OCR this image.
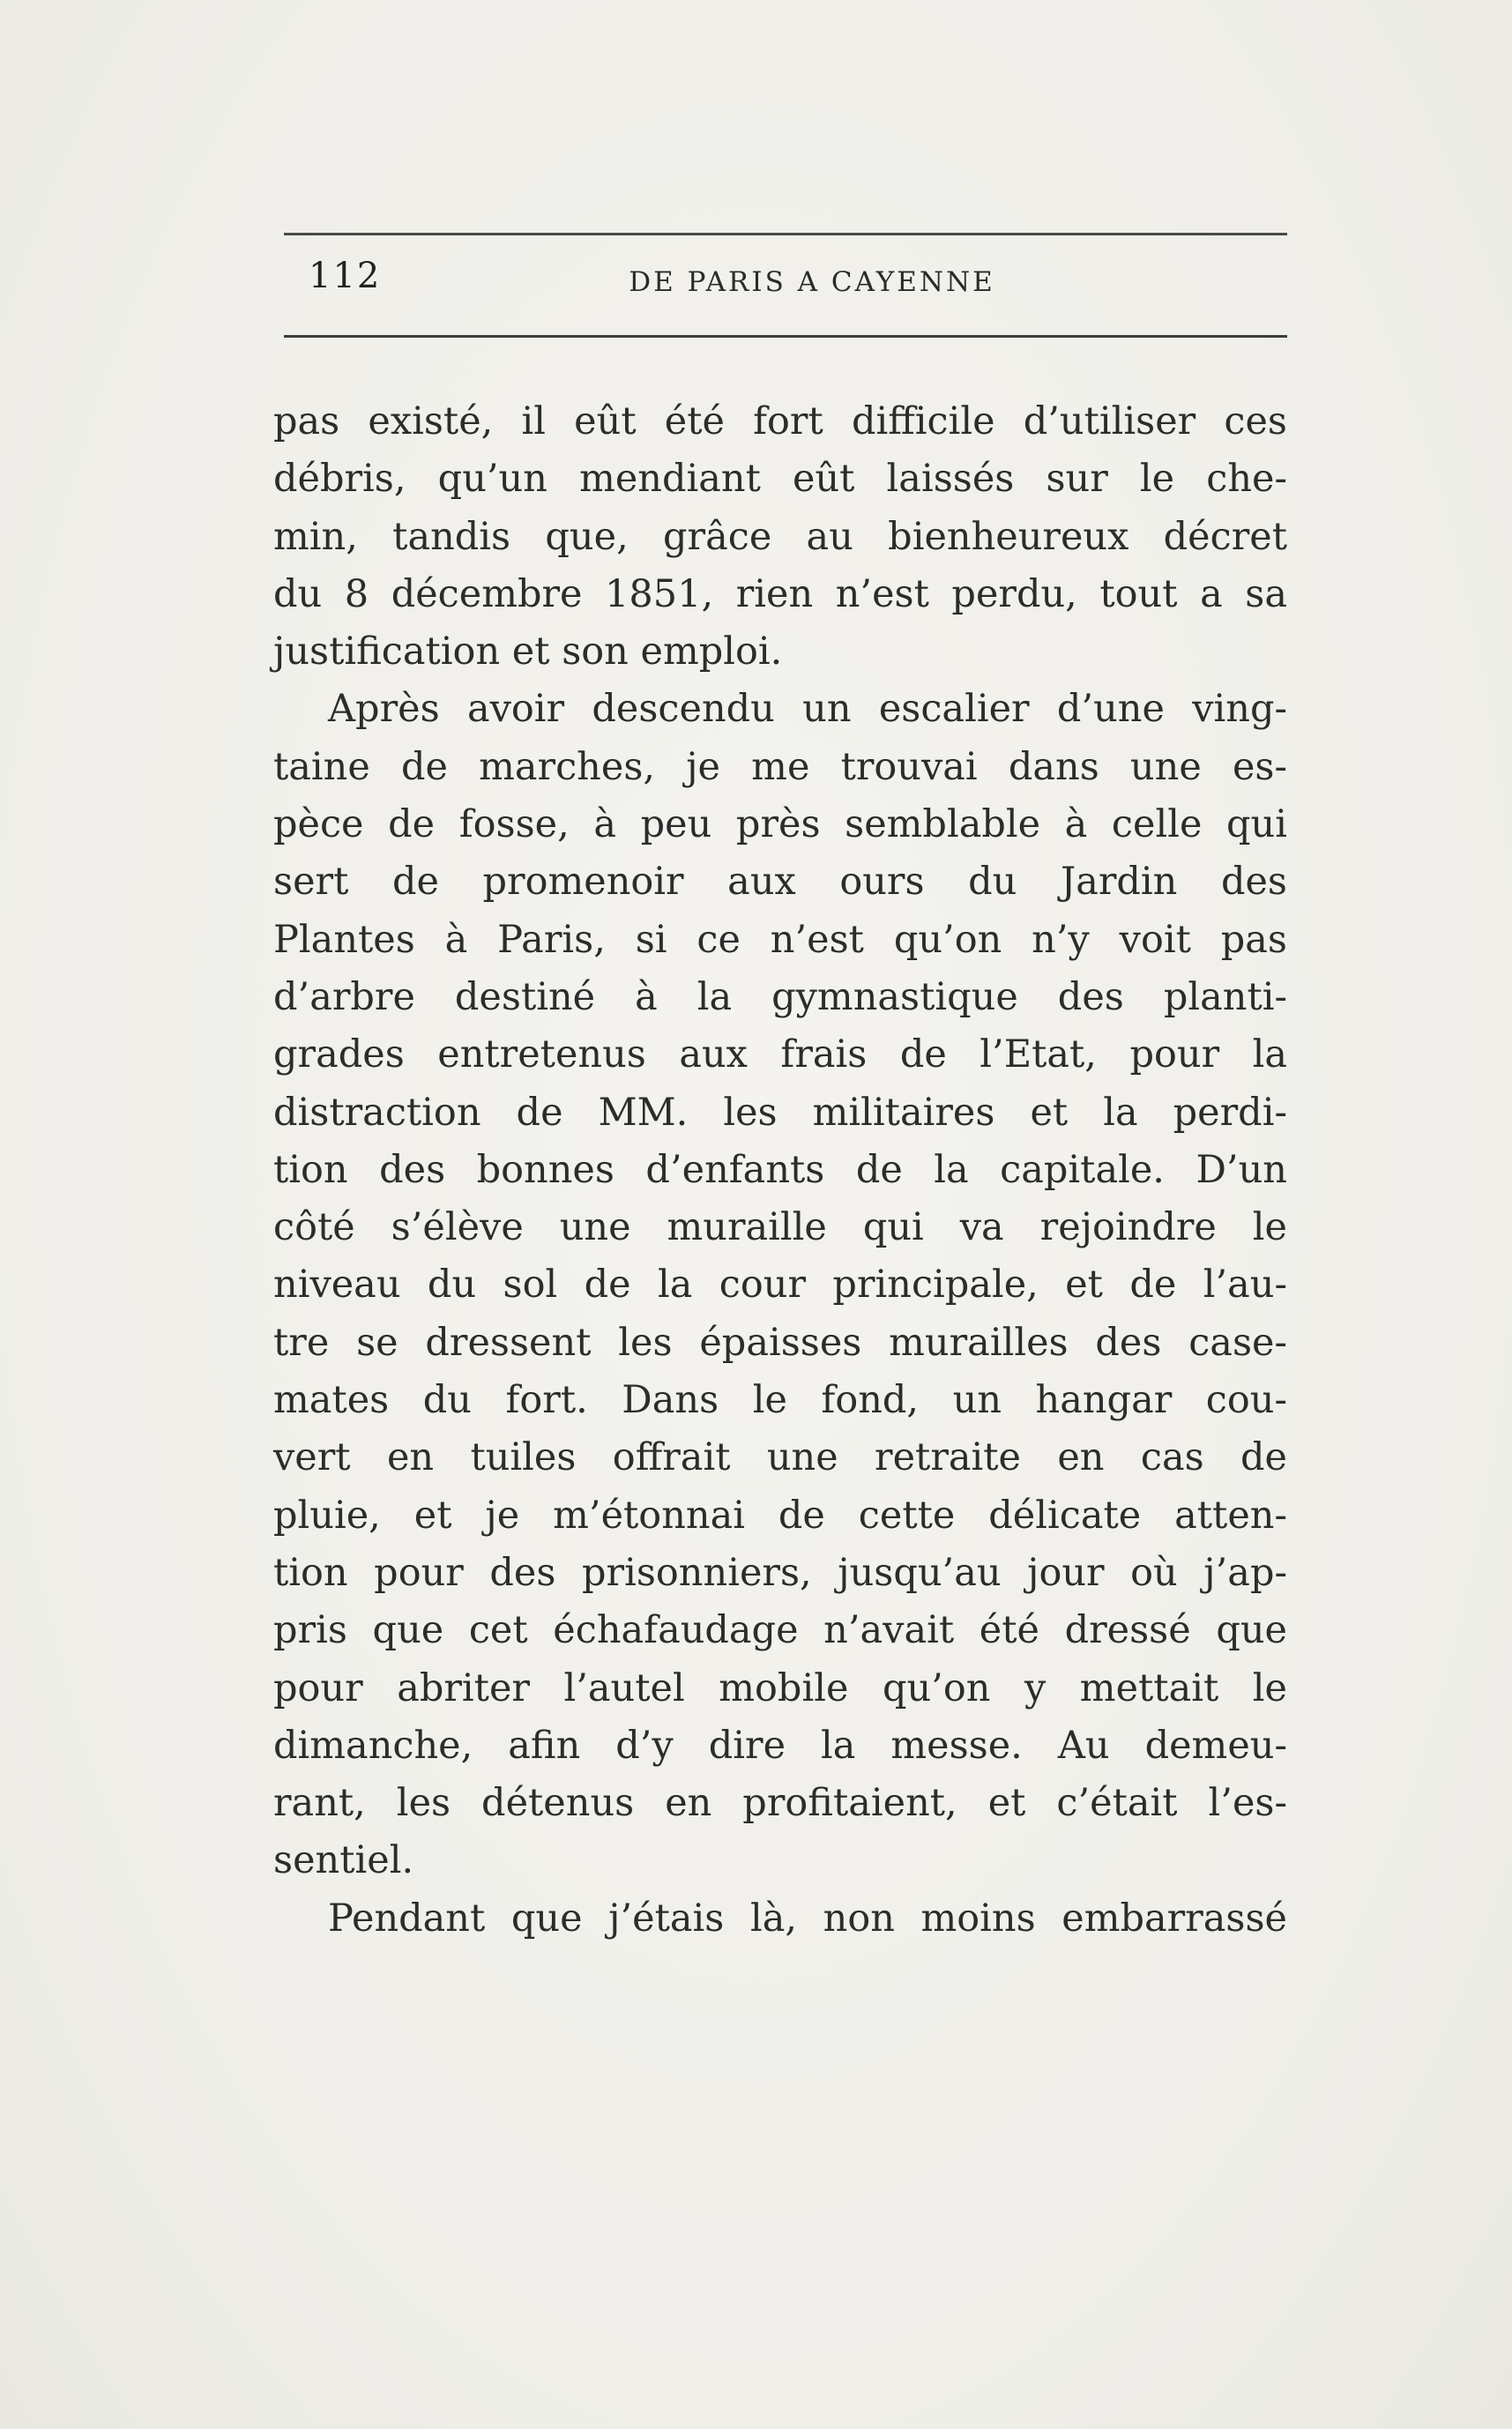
112	DE PARIS A CAYENNE
pas existé, il eût été fort difficile d’utiliser ces
débris, qu’un mendiant eût laissés sur le che-
min, tandis que, grâce au bienheureux décret
du 8 décembre 1851, rien n’est perdu, tout a sa
justification et son emploi.
Après avoir descendu un escalier d’une ving-
taine de marches, je me trouvai dans une es-
pèce de fosse, à peu près semblable à celle qui
sert de promenoir aux ours du Jardin des
Plantes à Paris, si ce n’est qu’on n’y voit pas
d’arbre destiné à la gymnastique des planti-
grades entretenus aux frais de l’Etat, pour la
distraction de MM. les militaires et la perdi-
tion des bonnes d’enfants de la capitale. D’un
côté s’élève une muraille qui va rejoindre le
niveau du sol de la cour principale, et de l’au-
tre se dressent les épaisses murailles des case-
mates du fort. Dans le fond, un hangar cou-
vert en tuiles offrait une retraite en cas de
pluie, et je m’étonnai de cette délicate atten-
tion pour des prisonniers, jusqu’au jour où j’ap-
pris que cet échafaudage n’avait été dressé que
pour abriter l’autel mobile qu’on y mettait le
dimanche, afin d’y dire la messe. Au demeu-
rant, les détenus en profitaient, et c’était l’es-
sentiel.
Pendant que j’étais là, non moins embarrassé
